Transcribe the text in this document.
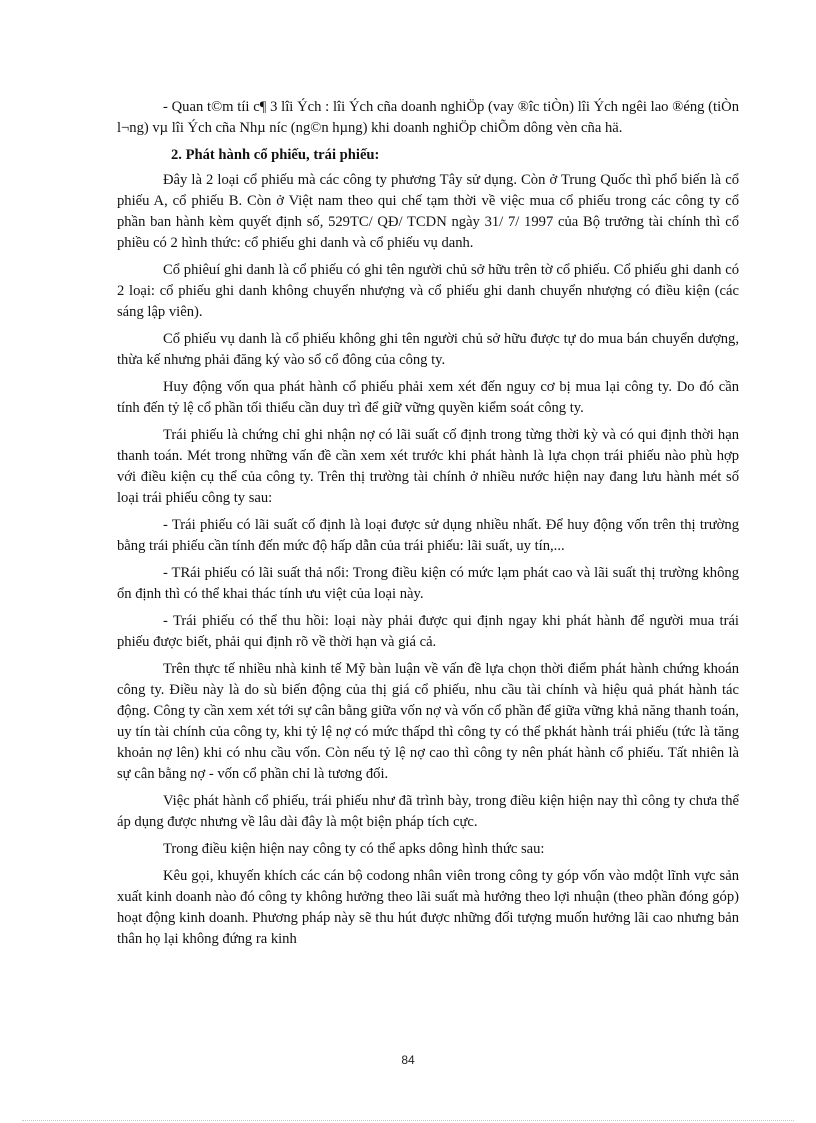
- Quan t©m tíi c¶ 3 lîi Ých : lîi Ých cña doanh nghiÖp (vay ®îc tiÒn) lîi Ých ngêi lao ®éng (tiÒn l¬ng) vµ lîi Ých cña Nhµ níc (ng©n hµng) khi doanh nghiÖp chiÕm dông vèn cña hä.

2. Phát hành cổ phiếu, trái phiếu:

Đây là 2 loại cổ phiếu mà các công ty phương Tây sử dụng. Còn ở Trung Quốc thì phổ biến là cổ phiếu A, cổ phiếu B. Còn ở Việt nam theo qui chế tạm thời về việc mua cổ phiếu trong các công ty cổ phần ban hành kèm quyết định số, 529TC/ QĐ/ TCDN ngày 31/ 7/ 1997 của Bộ trưởng tài chính thì cổ phiều có 2 hình thức: cổ phiếu ghi danh và cổ phiếu vụ danh.

Cổ phiêuí ghi danh là cổ phiếu có ghi tên người chủ sở hữu trên tờ cổ phiếu. Cổ phiếu ghi danh có 2 loại: cổ phiếu ghi danh không chuyển nhượng và cổ phiếu ghi danh chuyển nhượng có điều kiện (các sáng lập viên).

Cổ phiếu vụ danh là cổ phiếu không ghi tên người chủ sở hữu được tự do mua bán chuyển dượng, thừa kế nhưng phải đăng ký vào sổ cổ đông của công ty.

Huy động vốn qua phát hành cổ phiếu phải xem xét đến nguy cơ bị mua lại công ty. Do đó cần tính đến tỷ lệ cổ phần tối thiểu cần duy trì để giữ vững quyền kiểm soát công ty.

Trái phiếu là chứng chỉ ghi nhận nợ có lãi suất cố định trong từng thời kỳ và có qui định thời hạn thanh toán. Mét trong những vấn đề cần xem xét trước khi phát hành là lựa chọn trái phiếu nào phù hợp với điều kiện cụ thể của công ty. Trên thị trường tài chính ở nhiều nước hiện nay đang lưu hành mét số loại trái phiếu công ty sau:

- Trái phiếu có lãi suất cố định là loại được sử dụng nhiều nhất. Để huy động vốn trên thị trường bằng trái phiếu cần tính đến mức độ hấp dẫn của trái phiếu: lãi suất, uy tín,...

- TRái phiếu có lãi suất thả nổi: Trong điều kiện có mức lạm phát cao và lãi suất thị trường không ổn định thì có thể khai thác tính ưu việt của loại này.

- Trái phiếu có thể thu hồi: loại này phải được qui định ngay khi phát hành để người mua trái phiếu được biết, phải qui định rõ về thời hạn và giá cả.

Trên thực tế nhiều nhà kinh tế Mỹ bàn luận về vấn đề lựa chọn thời điểm phát hành chứng khoán công ty. Điều này là do sù biến động của thị giá cổ phiếu, nhu cầu tài chính và hiệu quả phát hành tác động. Công ty cần xem xét tới sự cân bằng giữa vốn nợ và vốn cổ phần để giữa vững khả năng thanh toán, uy tín tài chính của công ty, khi tỷ lệ nợ có mức thấpd thì công ty có thể pkhát hành trái phiếu (tức là tăng khoản nợ lên) khi có nhu cầu vốn. Còn nếu tỷ lệ nợ cao thì công ty nên phát hành cổ phiếu. Tất nhiên là sự cân bằng nợ - vốn cổ phần chỉ là tương đối.

Việc phát hành cổ phiếu, trái phiếu như đã trình bày, trong điều kiện hiện nay thì công ty chưa thể áp dụng được nhưng về lâu dài đây là một biện pháp tích cực.

Trong điều kiện hiện nay công ty có thể apks dông hình thức sau:

Kêu gọi, khuyến khích các cán bộ codong nhân viên trong công ty góp vốn vào mdột lĩnh vực sản xuất kinh doanh nào đó công ty không hưởng theo lãi suất mà hưởng theo lợi nhuận (theo phần đóng góp) hoạt động kinh doanh. Phương pháp này sẽ thu hút được những đối tượng muốn hưởng lãi cao nhưng bản thân họ lại không đứng ra kinh

84
